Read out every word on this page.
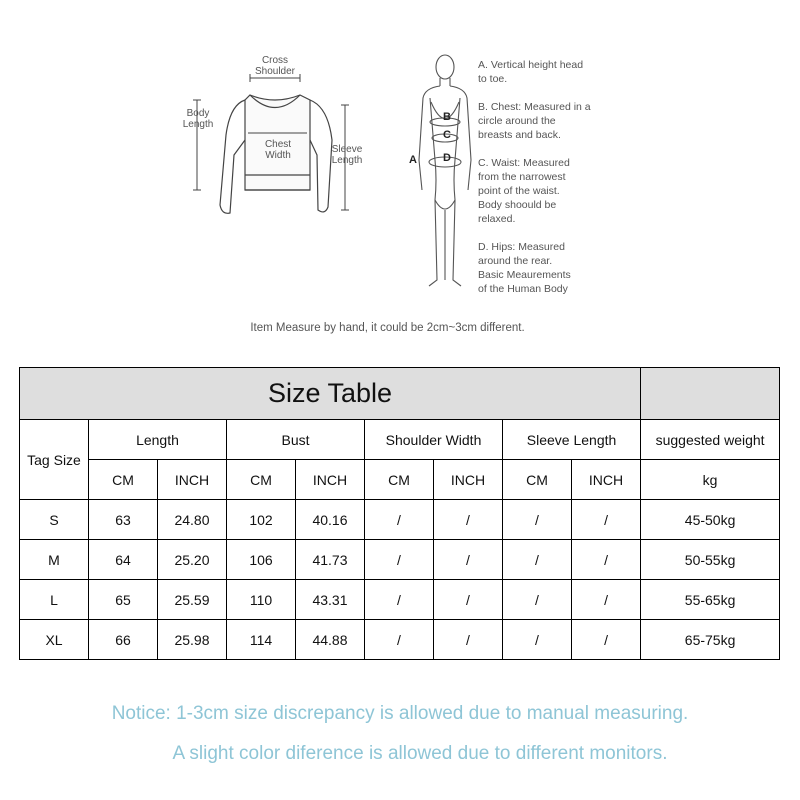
Cross
Shoulder
Body
Length
Chest
Width
Sleeve
Length	A
B
C
D
A. Vertical height head
to toe.
B. Chest: Measured in a
circle around the
breasts and back.
C. Waist: Measured
from the narrowest
point of the waist.
Body shoould be
relaxed.
D. Hips: Measured
around the rear.
Basic Meaurements
of the Human Body
Item Measure by hand, it could be 2cm~3cm different.
Size Table									
Tag Size	Length		Bust		Shoulder Width		Sleeve Length		suggested weight
	CM	INCH	CM	INCH	CM	INCH	CM	INCH	kg
S	63	24.80	102	40.16	/	/	/	/	45-50kg
M	64	25.20	106	41.73	/	/	/	/	50-55kg
L	65	25.59	110	43.31	/	/	/	/	55-65kg
XL	66	25.98	114	44.88	/	/	/	/	65-75kg
Notice: 1-3cm size discrepancy is allowed due to manual measuring.
A slight color diference is allowed due to different monitors.
